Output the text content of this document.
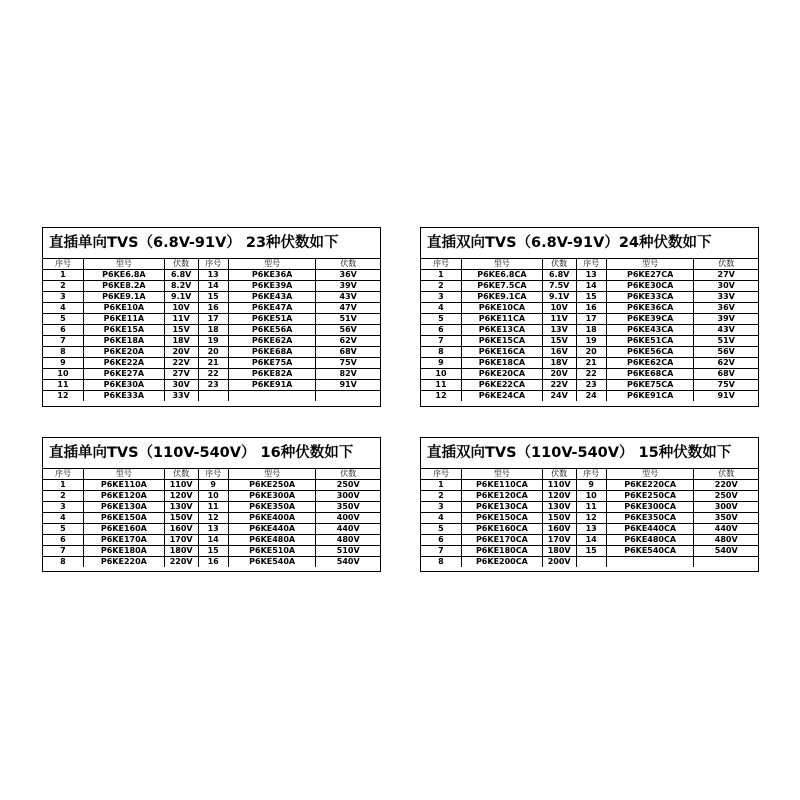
直插单向TVS（6.8V-91V） 23种伏数如下
序号	型号	伏数	序号	型号	伏数
1	P6KE6.8A	6.8V	13	P6KE36A	36V
2	P6KE8.2A	8.2V	14	P6KE39A	39V
3	P6KE9.1A	9.1V	15	P6KE43A	43V
4	P6KE10A	10V	16	P6KE47A	47V
5	P6KE11A	11V	17	P6KE51A	51V
6	P6KE15A	15V	18	P6KE56A	56V
7	P6KE18A	18V	19	P6KE62A	62V
8	P6KE20A	20V	20	P6KE68A	68V
9	P6KE22A	22V	21	P6KE75A	75V
10	P6KE27A	27V	22	P6KE82A	82V
11	P6KE30A	30V	23	P6KE91A	91V
12	P6KE33A	33V			
直插双向TVS（6.8V-91V）24种伏数如下
序号	型号	伏数	序号	型号	伏数
1	P6KE6.8CA	6.8V	13	P6KE27CA	27V
2	P6KE7.5CA	7.5V	14	P6KE30CA	30V
3	P6KE9.1CA	9.1V	15	P6KE33CA	33V
4	P6KE10CA	10V	16	P6KE36CA	36V
5	P6KE11CA	11V	17	P6KE39CA	39V
6	P6KE13CA	13V	18	P6KE43CA	43V
7	P6KE15CA	15V	19	P6KE51CA	51V
8	P6KE16CA	16V	20	P6KE56CA	56V
9	P6KE18CA	18V	21	P6KE62CA	62V
10	P6KE20CA	20V	22	P6KE68CA	68V
11	P6KE22CA	22V	23	P6KE75CA	75V
12	P6KE24CA	24V	24	P6KE91CA	91V
直插单向TVS（110V-540V） 16种伏数如下
序号	型号	伏数	序号	型号	伏数
1	P6KE110A	110V	9	P6KE250A	250V
2	P6KE120A	120V	10	P6KE300A	300V
3	P6KE130A	130V	11	P6KE350A	350V
4	P6KE150A	150V	12	P6KE400A	400V
5	P6KE160A	160V	13	P6KE440A	440V
6	P6KE170A	170V	14	P6KE480A	480V
7	P6KE180A	180V	15	P6KE510A	510V
8	P6KE220A	220V	16	P6KE540A	540V
直插双向TVS（110V-540V） 15种伏数如下
序号	型号	伏数	序号	型号	伏数
1	P6KE110CA	110V	9	P6KE220CA	220V
2	P6KE120CA	120V	10	P6KE250CA	250V
3	P6KE130CA	130V	11	P6KE300CA	300V
4	P6KE150CA	150V	12	P6KE350CA	350V
5	P6KE160CA	160V	13	P6KE440CA	440V
6	P6KE170CA	170V	14	P6KE480CA	480V
7	P6KE180CA	180V	15	P6KE540CA	540V
8	P6KE200CA	200V			
